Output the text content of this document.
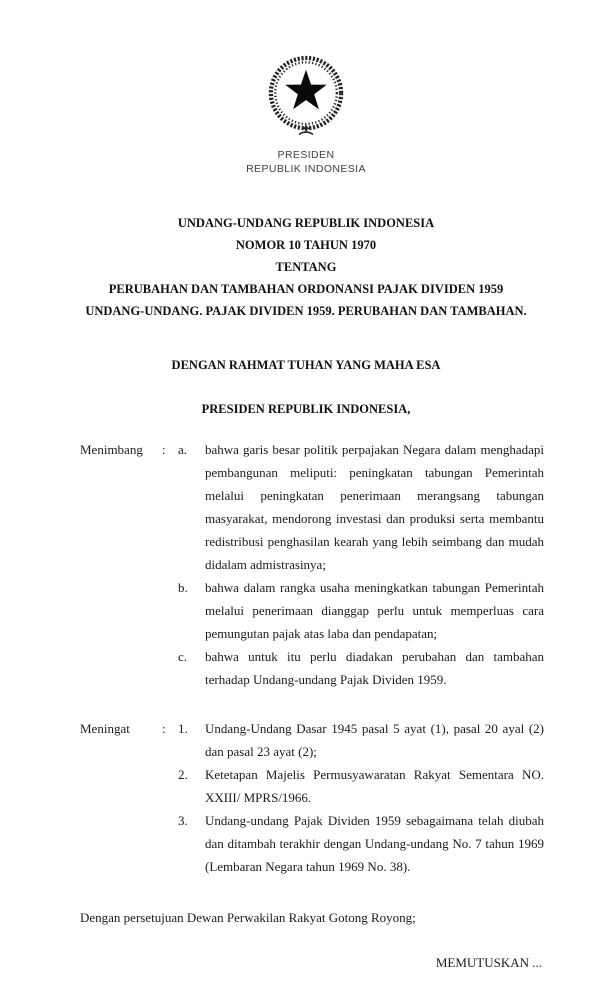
PRESIDEN
REPUBLIK INDONESIA
UNDANG-UNDANG REPUBLIK INDONESIA
NOMOR 10 TAHUN 1970
TENTANG
PERUBAHAN DAN TAMBAHAN ORDONANSI PAJAK DIVIDEN 1959
UNDANG-UNDANG. PAJAK DIVIDEN 1959. PERUBAHAN DAN TAMBAHAN.
DENGAN RAHMAT TUHAN YANG MAHA ESA
PRESIDEN REPUBLIK INDONESIA,
Menimbang	: a.	bahwa garis besar politik perpajakan Negara dalam menghadapi pembangunan meliputi: peningkatan tabungan Pemerintah melalui peningkatan penerimaan merangsang tabungan masyarakat, mendorong investasi dan produksi serta membantu redistribusi penghasilan kearah yang lebih seimbang dan mudah didalam admistrasinya;
b.	bahwa dalam rangka usaha meningkatkan tabungan Pemerintah melalui penerimaan dianggap perlu untuk memperluas cara pemungutan pajak atas laba dan pendapatan;
c.	bahwa untuk itu perlu diadakan perubahan dan tambahan terhadap Undang-undang Pajak Dividen 1959.
Meningat	: 1.	Undang-Undang Dasar 1945 pasal 5 ayat (1), pasal 20 ayal (2) dan pasal 23 ayat (2);
2.	Ketetapan Majelis Permusyawaratan Rakyat Sementara NO. XXIII/ MPRS/1966.
3.	Undang-undang Pajak Dividen 1959 sebagaimana telah diubah dan ditambah terakhir dengan Undang-undang No. 7 tahun 1969 (Lembaran Negara tahun 1969 No. 38).
Dengan persetujuan Dewan Perwakilan Rakyat Gotong Royong;
MEMUTUSKAN ...
